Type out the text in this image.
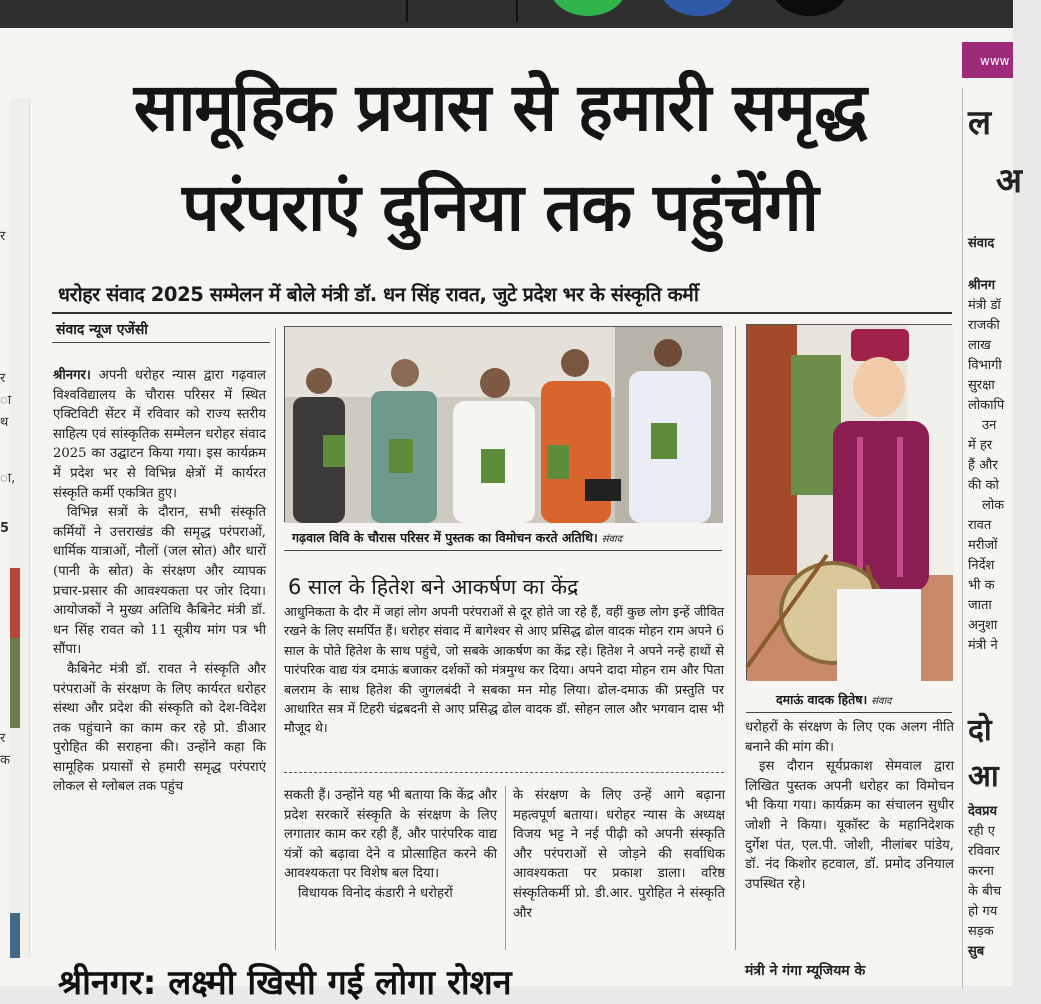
र
र
ा
थ
ा,
5
र
क
सामूहिक प्रयास से हमारी समृद्ध
परंपराएं दुनिया तक पहुंचेंगी
धरोहर संवाद 2025 सम्मेलन में बोले मंत्री डॉ. धन सिंह रावत, जुटे प्रदेश भर के संस्कृति कर्मी
संवाद न्यूज एजेंसी

श्रीनगर। अपनी धरोहर न्यास द्वारा गढ़वाल विश्वविद्यालय के चौरास परिसर में स्थित एक्टिविटी सेंटर में रविवार को राज्य स्तरीय साहित्य एवं सांस्कृतिक सम्मेलन धरोहर संवाद 2025 का उद्घाटन किया गया। इस कार्यक्रम में प्रदेश भर से विभिन्न क्षेत्रों में कार्यरत संस्कृति कर्मी एकत्रित हुए।

विभिन्न सत्रों के दौरान, सभी संस्कृति कर्मियों ने उत्तराखंड की समृद्ध परंपराओं, धार्मिक यात्राओं, नौलों (जल स्रोत) और धारों (पानी के स्रोत) के संरक्षण और व्यापक प्रचार-प्रसार की आवश्यकता पर जोर दिया। आयोजकों ने मुख्य अतिथि कैबिनेट मंत्री डॉ. धन सिंह रावत को 11 सूत्रीय मांग पत्र भी सौंपा।

कैबिनेट मंत्री डॉ. रावत ने संस्कृति और परंपराओं के संरक्षण के लिए कार्यरत धरोहर संस्था और प्रदेश की संस्कृति को देश-विदेश तक पहुंचाने का काम कर रहे प्रो. डीआर पुरोहित की सराहना की। उन्होंने कहा कि सामूहिक प्रयासों से हमारी समृद्ध परंपराएं लोकल से ग्लोबल तक पहुंच

गढ़वाल विवि के चौरास परिसर में पुस्तक का विमोचन करते अतिथि। संवाद
6 साल के हितेश बने आकर्षण का केंद्र
आधुनिकता के दौर में जहां लोग अपनी परंपराओं से दूर होते जा रहे हैं, वहीं कुछ लोग इन्हें जीवित रखने के लिए समर्पित हैं। धरोहर संवाद में बागेश्वर से आए प्रसिद्ध ढोल वादक मोहन राम अपने 6 साल के पोते हितेश के साथ पहुंचे, जो सबके आकर्षण का केंद्र रहे। हितेश ने अपने नन्हे हाथों से पारंपरिक वाद्य यंत्र दमाऊं बजाकर दर्शकों को मंत्रमुग्ध कर दिया। अपने दादा मोहन राम और पिता बलराम के साथ हितेश की जुगलबंदी ने सबका मन मोह लिया। ढोल-दमाऊ की प्रस्तुति पर आधारित सत्र में टिहरी चंद्रबदनी से आए प्रसिद्ध ढोल वादक डॉ. सोहन लाल और भगवान दास भी मौजूद थे।

सकती हैं। उन्होंने यह भी बताया कि केंद्र और प्रदेश सरकारें संस्कृति के संरक्षण के लिए लगातार काम कर रही हैं, और पारंपरिक वाद्य यंत्रों को बढ़ावा देने व प्रोत्साहित करने की आवश्यकता पर विशेष बल दिया।

विधायक विनोद कंडारी ने धरोहरों

के संरक्षण के लिए उन्हें आगे बढ़ाना महत्वपूर्ण बताया। धरोहर न्यास के अध्यक्ष विजय भट्ट ने नई पीढ़ी को अपनी संस्कृति और परंपराओं से जोड़ने की सर्वाधिक आवश्यकता पर प्रकाश डाला। वरिष्ठ संस्कृतिकर्मी प्रो. डी.आर. पुरोहित ने संस्कृति और

दमाऊं वादक हितेष। संवाद

धरोहरों के संरक्षण के लिए एक अलग नीति बनाने की मांग की।

इस दौरान सूर्यप्रकाश सेमवाल द्वारा लिखित पुस्तक अपनी धरोहर का विमोचन भी किया गया। कार्यक्रम का संचालन सुधीर जोशी ने किया। यूकॉस्ट के महानिदेशक दुर्गेश पंत, एल.पी. जोशी, नीलांबर पांडेय, डॉ. नंद किशोर हटवाल, डॉ. प्रमोद उनियाल उपस्थित रहे।

मंत्री ने गंगा म्यूजियम के
श्रीनगर: लक्ष्मी खिसी गई लोगा रोशन
www
ल
अ
संवाद
श्रीनग
मंत्री डॉ
राजकी
लाख
विभागी
सुरक्षा
लोकापि
उन
में हर
हैं और
की को
लोक
रावत
मरीजों
निर्देश
भी क
जाता
अनुशा
मंत्री ने
दो
आ
देवप्रय
रही ए
रविवार
करना
के बीच
हो गय
सड़क
सुब
